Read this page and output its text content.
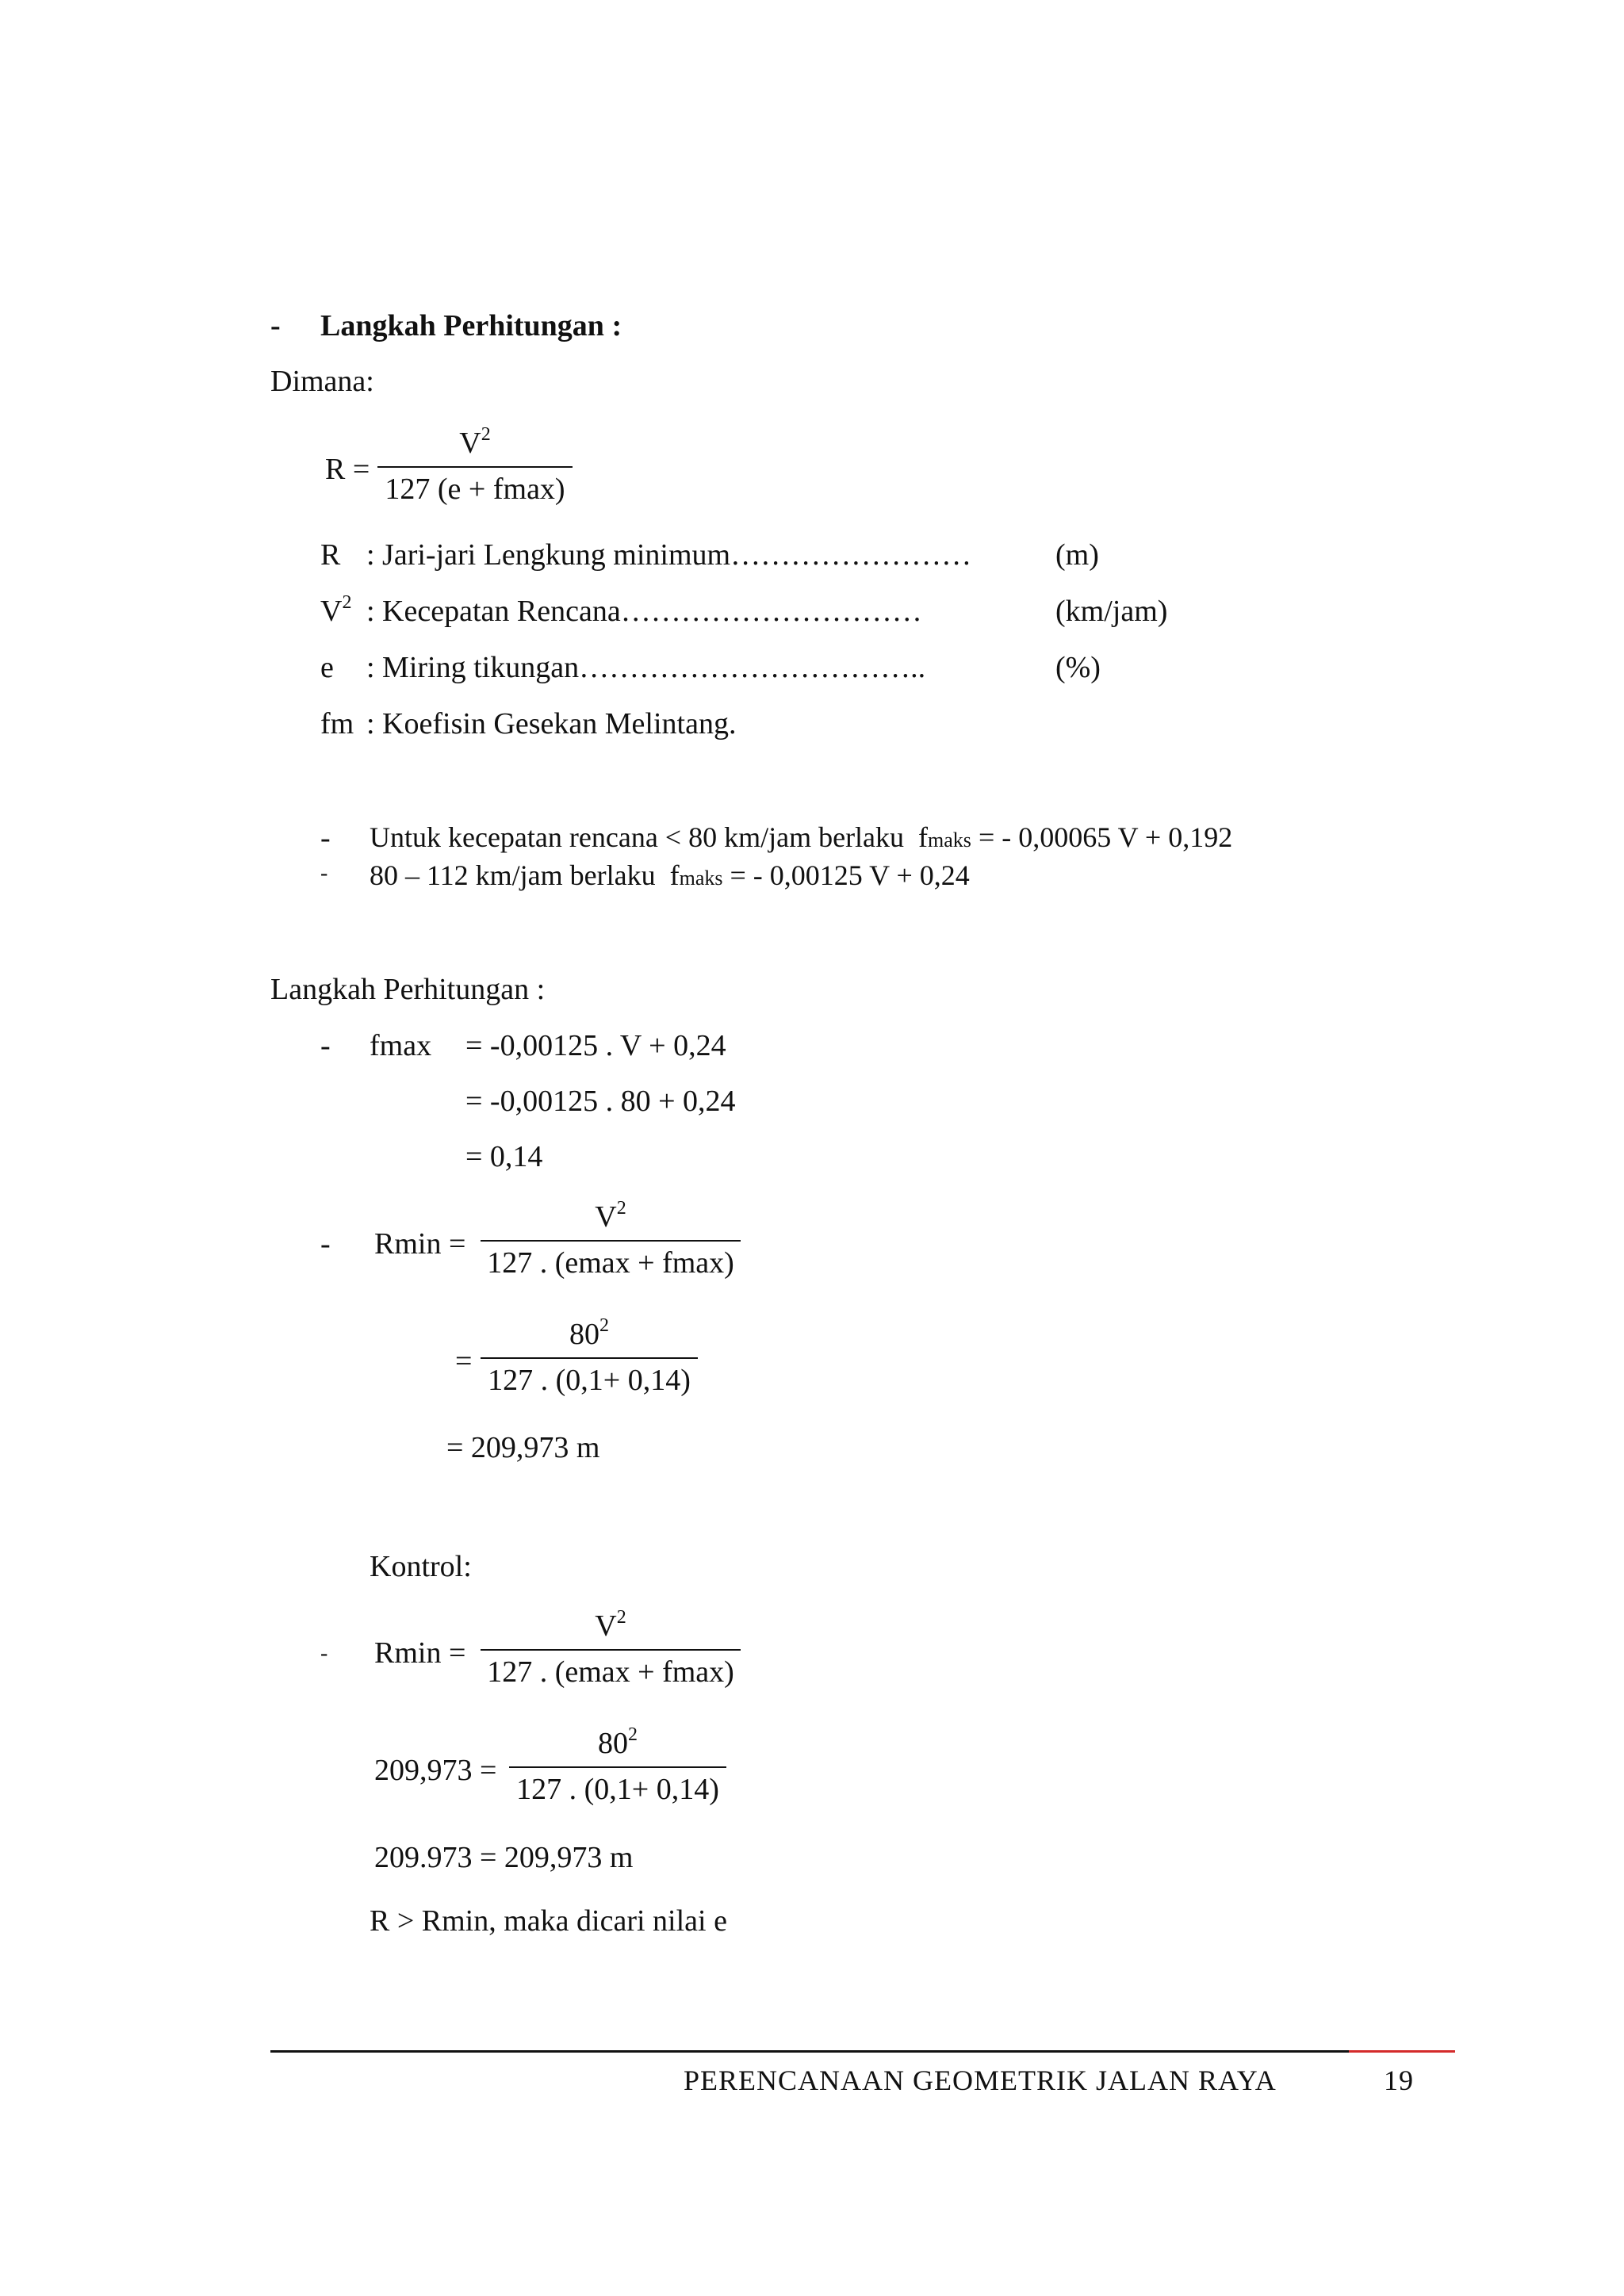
- Langkah Perhitungan :
Dimana:
R =
$V^2$
127 (e + fmax)
R : Jari-jari Lengkung minimum……………………	(m)
$V^2$ : Kecepatan Rencana…………………………	(km/jam)
e : Miring tikungan……………………………..	(%)
fm : Koefisin Gesekan Melintang.
- Untuk kecepatan rencana < 80 km/jam berlaku fmaks = - 0,00065 V + 0,192
- 80 – 112 km/jam berlaku fmaks = - 0,00125 V + 0,24
Langkah Perhitungan :
- fmax = -0,00125 . V + 0,24
= -0,00125 . 80 + 0,24
= 0,14
- Rmin =
$V^2$
127 . (emax + fmax)
=
$80^2$
127 . (0,1+ 0,14)
= 209,973 m
Kontrol:
- Rmin =
$V^2$
127 . (emax + fmax)
209,973 =
$80^2$
127 . (0,1+ 0,14)
209.973 = 209,973 m
R > Rmin, maka dicari nilai e
PERENCANAAN GEOMETRIK JALAN RAYA	19
